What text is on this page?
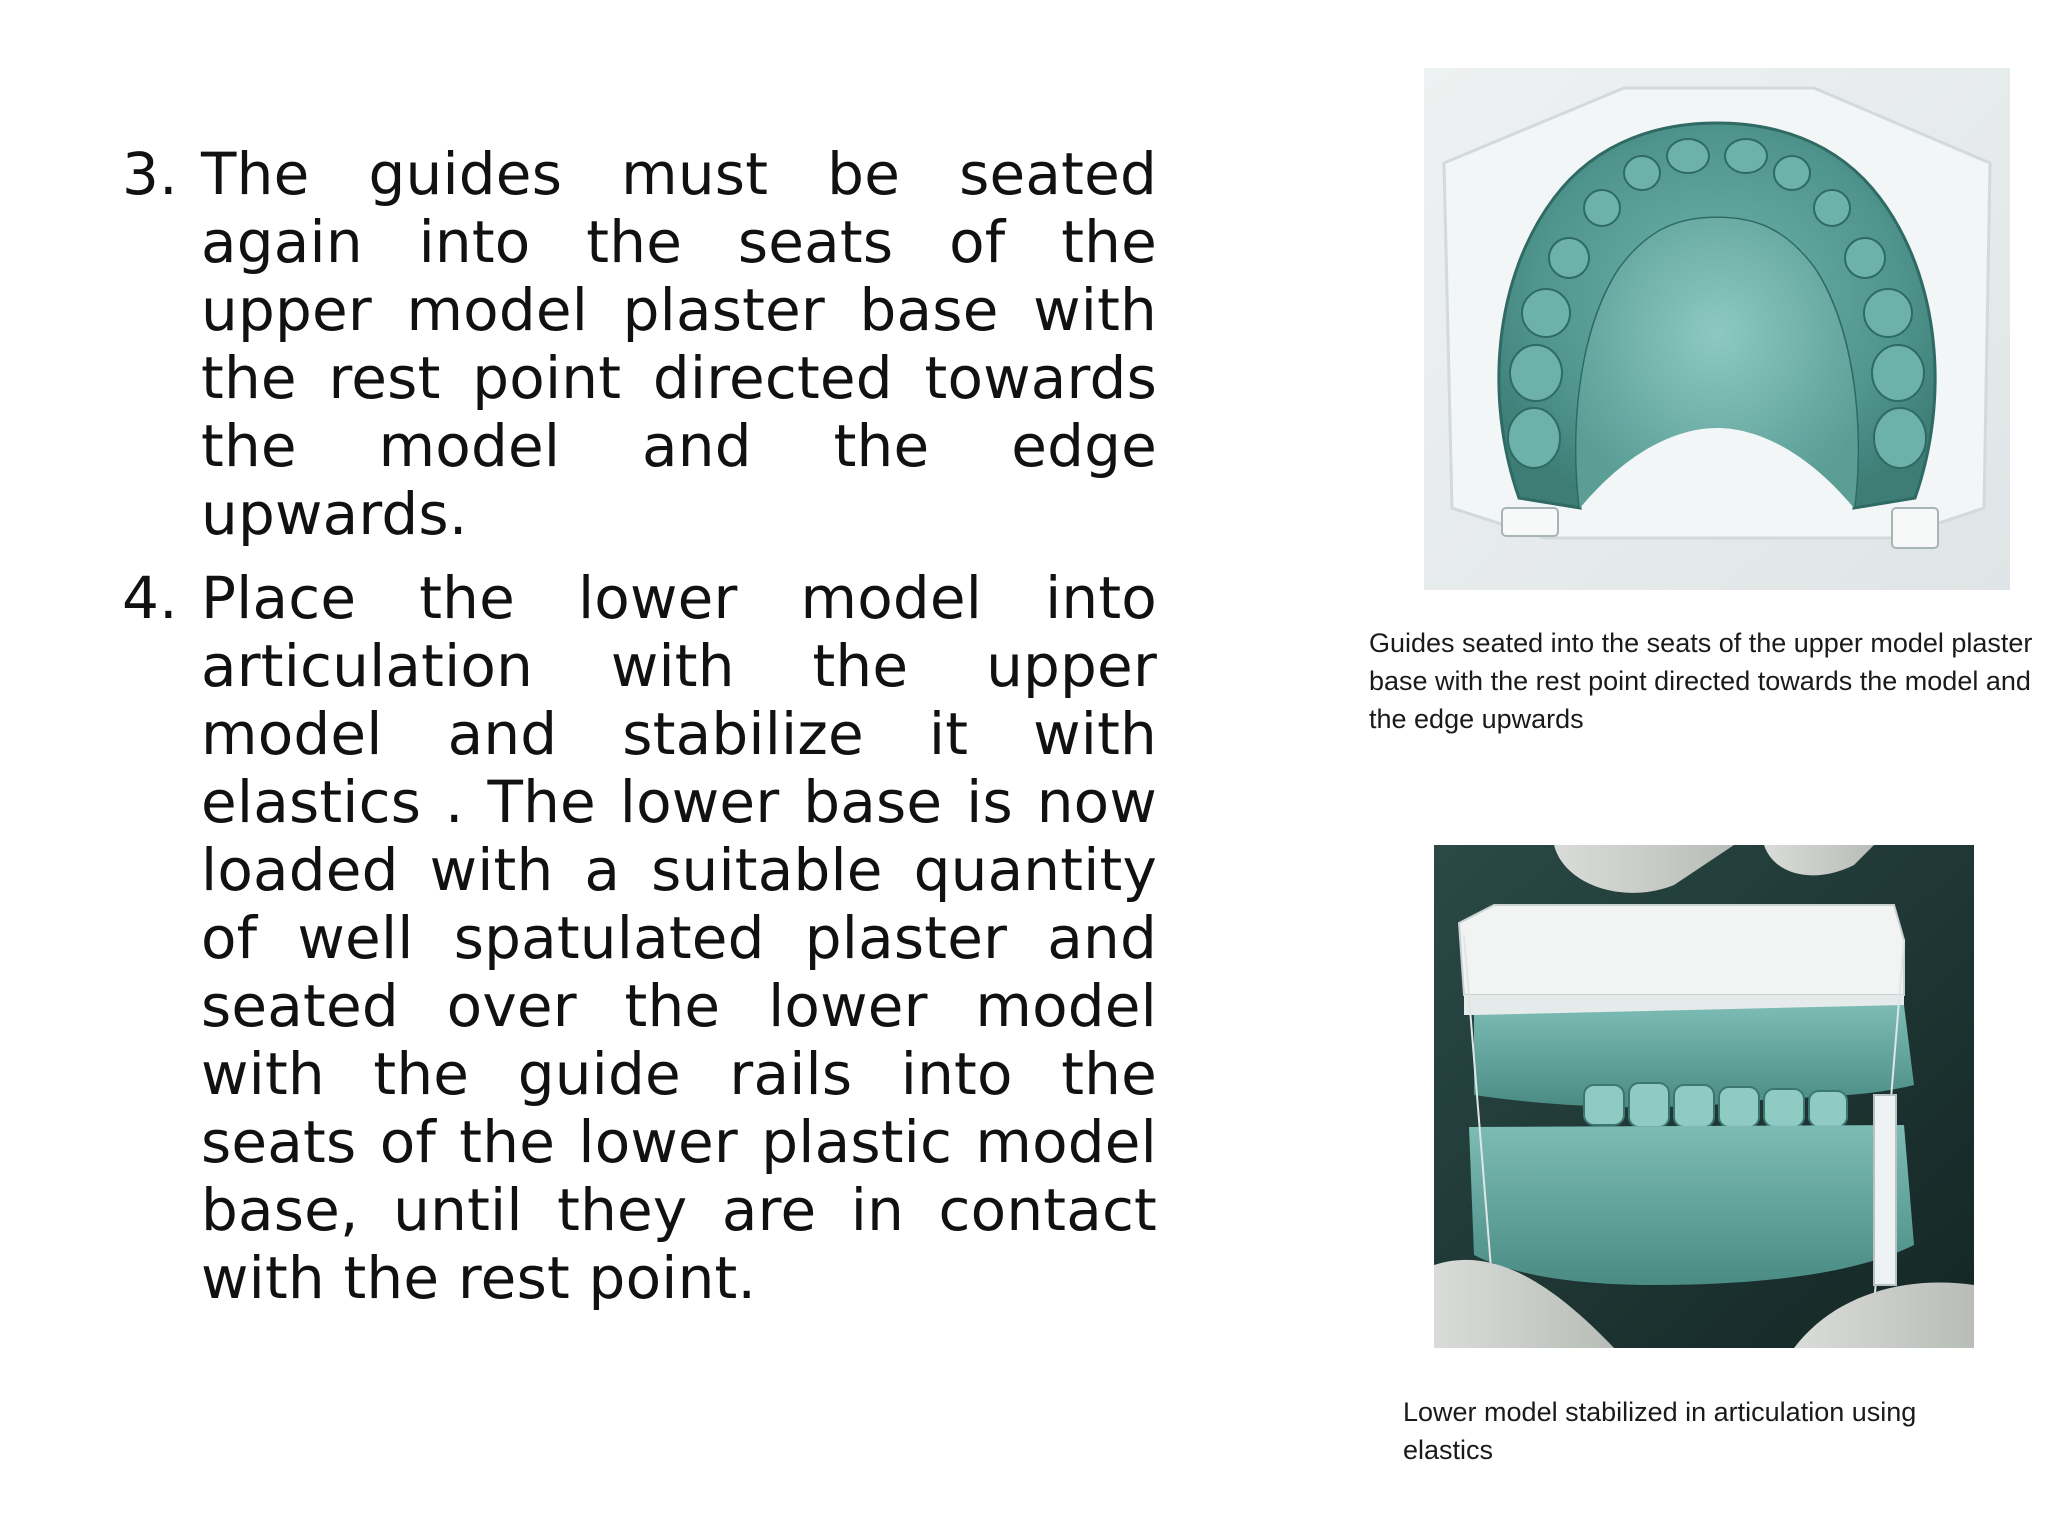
3. The guides must be seated again into the seats of the upper model plaster base with the rest point directed towards the model and the edge upwards.
4. Place the lower model into articulation with the upper model and stabilize it with elastics . The lower base is now loaded with a suitable quantity of well spatulated plaster and seated over the lower model with the guide rails into the seats of the lower plastic model base, until they are in contact with the rest point.
Guides seated into the seats of the upper model plaster base with the rest point directed towards the model and the edge upwards
Lower model stabilized in articulation using elastics
